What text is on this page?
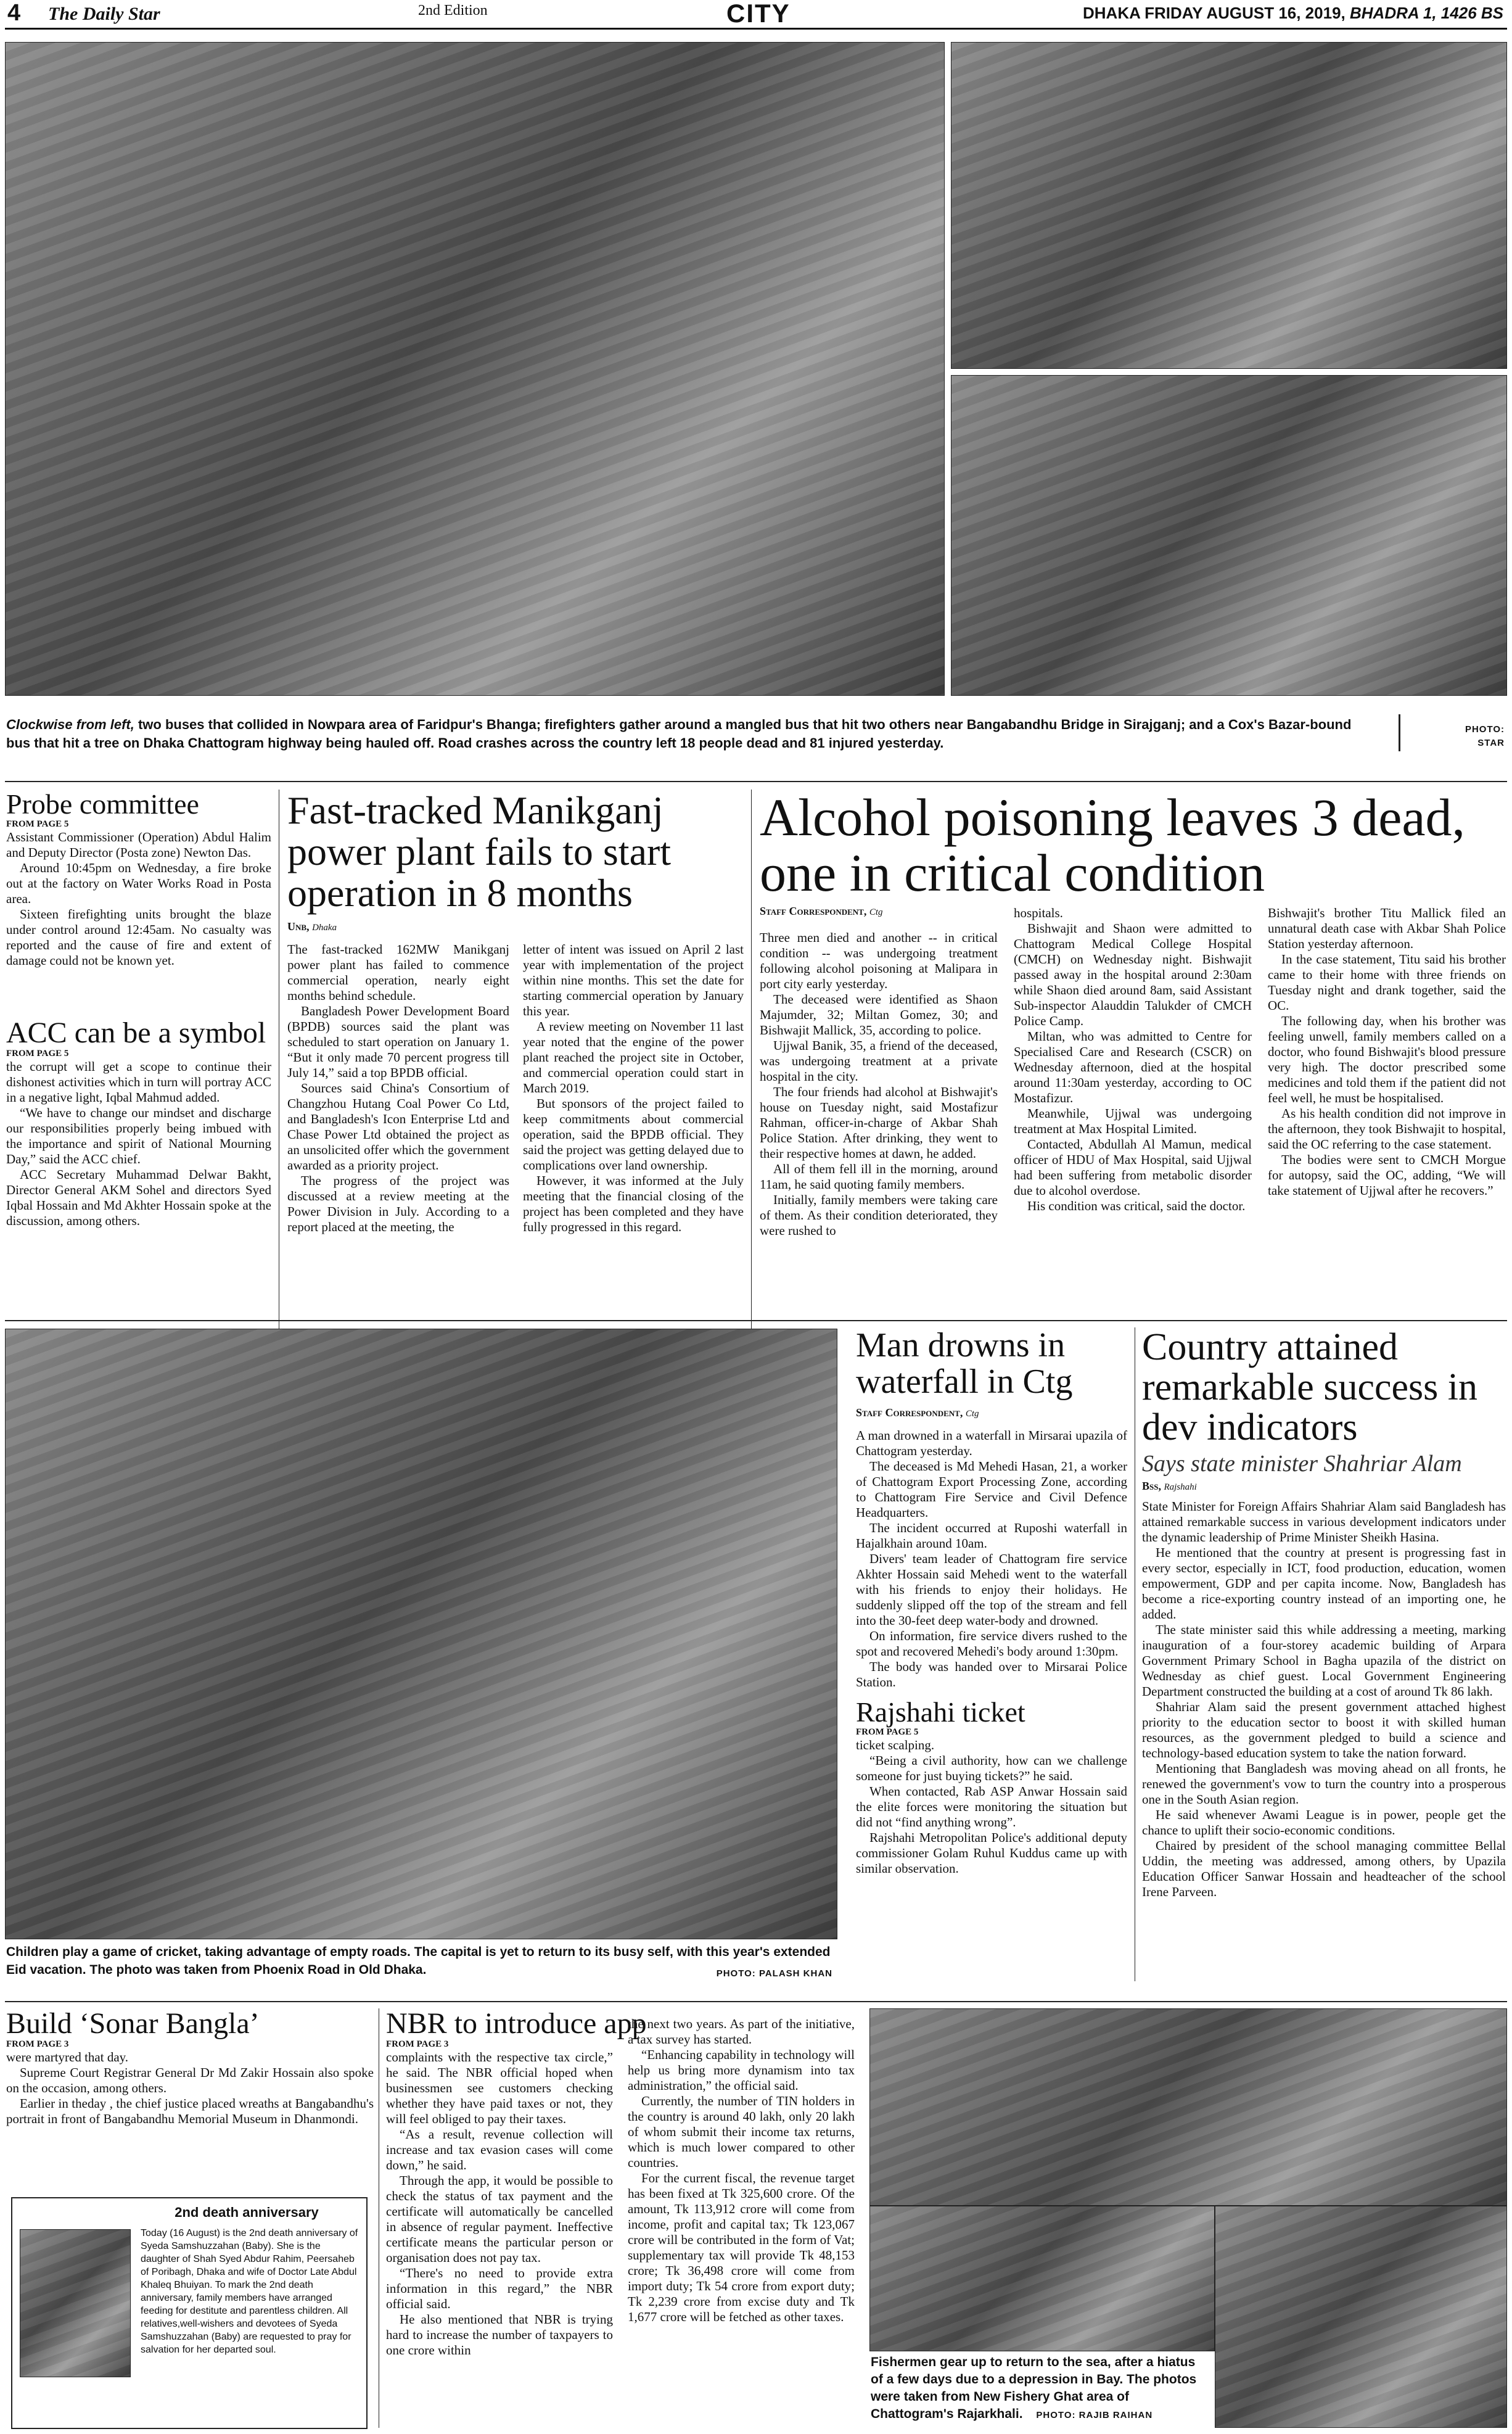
4 The Daily Star	2nd Edition	CITY	DHAKA FRIDAY AUGUST 16, 2019, BHADRA 1, 1426 BS
Clockwise from left, two buses that collided in Nowpara area of Faridpur's Bhanga; firefighters gather around a mangled bus that hit two others near Bangabandhu Bridge in Sirajganj; and a Cox's Bazar-bound bus that hit a tree on Dhaka Chattogram highway being hauled off. Road crashes across the country left 18 people dead and 81 injured yesterday.
PHOTO: STAR
Probe committee
FROM PAGE 5

Assistant Commissioner (Operation) Abdul Halim and Deputy Director (Posta zone) Newton Das.

Around 10:45pm on Wednesday, a fire broke out at the factory on Water Works Road in Posta area.

Sixteen firefighting units brought the blaze under control around 12:45am. No casualty was reported and the cause of fire and extent of damage could not be known yet.

ACC can be a symbol
FROM PAGE 5

the corrupt will get a scope to continue their dishonest activities which in turn will portray ACC in a negative light, Iqbal Mahmud added.

“We have to change our mindset and discharge our responsibilities properly being imbued with the importance and spirit of National Mourning Day,” said the ACC chief.

ACC Secretary Muhammad Delwar Bakht, Director General AKM Sohel and directors Syed Iqbal Hossain and Md Akhter Hossain spoke at the discussion, among others.

Fast-tracked Manikganj power plant fails to start operation in 8 months
Unb, Dhaka

The fast-tracked 162MW Manikganj power plant has failed to commence commercial operation, nearly eight months behind schedule.

Bangladesh Power Development Board (BPDB) sources said the plant was scheduled to start operation on January 1. “But it only made 70 percent progress till July 14,” said a top BPDB official.

Sources said China's Consortium of Changzhou Hutang Coal Power Co Ltd, and Bangladesh's Icon Enterprise Ltd and Chase Power Ltd obtained the project as an unsolicited offer which the government awarded as a priority project.

The progress of the project was discussed at a review meeting at the Power Division in July. According to a report placed at the meeting, the

letter of intent was issued on April 2 last year with implementation of the project within nine months. This set the date for starting commercial operation by January this year.

A review meeting on November 11 last year noted that the engine of the power plant reached the project site in October, and commercial operation could start in March 2019.

But sponsors of the project failed to keep commitments about commercial operation, said the BPDB official. They said the project was getting delayed due to complications over land ownership.

However, it was informed at the July meeting that the financial closing of the project has been completed and they have fully progressed in this regard.

Alcohol poisoning leaves 3 dead, one in critical condition
Staff Correspondent, Ctg

Three men died and another -- in critical condition -- was undergoing treatment following alcohol poisoning at Malipara in port city early yesterday.

The deceased were identified as Shaon Majumder, 32; Miltan Gomez, 30; and Bishwajit Mallick, 35, according to police.

Ujjwal Banik, 35, a friend of the deceased, was undergoing treatment at a private hospital in the city.

The four friends had alcohol at Bishwajit's house on Tuesday night, said Mostafizur Rahman, officer-in-charge of Akbar Shah Police Station. After drinking, they went to their respective homes at dawn, he added.

All of them fell ill in the morning, around 11am, he said quoting family members.

Initially, family members were taking care of them. As their condition deteriorated, they were rushed to

hospitals.

Bishwajit and Shaon were admitted to Chattogram Medical College Hospital (CMCH) on Wednesday night. Bishwajit passed away in the hospital around 2:30am while Shaon died around 8am, said Assistant Sub-inspector Alauddin Talukder of CMCH Police Camp.

Miltan, who was admitted to Centre for Specialised Care and Research (CSCR) on Wednesday afternoon, died at the hospital around 11:30am yesterday, according to OC Mostafizur.

Meanwhile, Ujjwal was undergoing treatment at Max Hospital Limited.

Contacted, Abdullah Al Mamun, medical officer of HDU of Max Hospital, said Ujjwal had been suffering from metabolic disorder due to alcohol overdose.

His condition was critical, said the doctor.

Bishwajit's brother Titu Mallick filed an unnatural death case with Akbar Shah Police Station yesterday afternoon.

In the case statement, Titu said his brother came to their home with three friends on Tuesday night and drank together, said the OC.

The following day, when his brother was feeling unwell, family members called on a doctor, who found Bishwajit's blood pressure very high. The doctor prescribed some medicines and told them if the patient did not feel well, he must be hospitalised.

As his health condition did not improve in the afternoon, they took Bishwajit to hospital, said the OC referring to the case statement.

The bodies were sent to CMCH Morgue for autopsy, said the OC, adding, “We will take statement of Ujjwal after he recovers.”

Children play a game of cricket, taking advantage of empty roads. The capital is yet to return to its busy self, with this year's extended Eid vacation. The photo was taken from Phoenix Road in Old Dhaka.	PHOTO: PALASH KHAN
Man drowns in waterfall in Ctg
Staff Correspondent, Ctg

A man drowned in a waterfall in Mirsarai upazila of Chattogram yesterday.

The deceased is Md Mehedi Hasan, 21, a worker of Chattogram Export Processing Zone, according to Chattogram Fire Service and Civil Defence Headquarters.

The incident occurred at Ruposhi waterfall in Hajalkhain around 10am.

Divers' team leader of Chattogram fire service Akhter Hossain said Mehedi went to the waterfall with his friends to enjoy their holidays. He suddenly slipped off the top of the stream and fell into the 30-feet deep water-body and drowned.

On information, fire service divers rushed to the spot and recovered Mehedi's body around 1:30pm.

The body was handed over to Mirsarai Police Station.

Rajshahi ticket
FROM PAGE 5

ticket scalping.

“Being a civil authority, how can we challenge someone for just buying tickets?” he said.

When contacted, Rab ASP Anwar Hossain said the elite forces were monitoring the situation but did not “find anything wrong”.

Rajshahi Metropolitan Police's additional deputy commissioner Golam Ruhul Kuddus came up with similar observation.

Country attained remarkable success in dev indicators
Says state minister Shahriar Alam
Bss, Rajshahi

State Minister for Foreign Affairs Shahriar Alam said Bangladesh has attained remarkable success in various development indicators under the dynamic leadership of Prime Minister Sheikh Hasina.

He mentioned that the country at present is progressing fast in every sector, especially in ICT, food production, education, women empowerment, GDP and per capita income. Now, Bangladesh has become a rice-exporting country instead of an importing one, he added.

The state minister said this while addressing a meeting, marking inauguration of a four-storey academic building of Arpara Government Primary School in Bagha upazila of the district on Wednesday as chief guest. Local Government Engineering Department constructed the building at a cost of around Tk 86 lakh.

Shahriar Alam said the present government attached highest priority to the education sector to boost it with skilled human resources, as the government pledged to build a science and technology-based education system to take the nation forward.

Mentioning that Bangladesh was moving ahead on all fronts, he renewed the government's vow to turn the country into a prosperous one in the South Asian region.

He said whenever Awami League is in power, people get the chance to uplift their socio-economic conditions.

Chaired by president of the school managing committee Bellal Uddin, the meeting was addressed, among others, by Upazila Education Officer Sanwar Hossain and headteacher of the school Irene Parveen.

Build ‘Sonar Bangla’
FROM PAGE 3

were martyred that day.

Supreme Court Registrar General Dr Md Zakir Hossain also spoke on the occasion, among others.

Earlier in theday , the chief justice placed wreaths at Bangabandhu's portrait in front of Bangabandhu Memorial Museum in Dhanmondi.

2nd death anniversary
Today (16 August) is the 2nd death anniversary of Syeda Samshuzzahan (Baby). She is the daughter of Shah Syed Abdur Rahim, Peersaheb of Poribagh, Dhaka and wife of Doctor Late Abdul Khaleq Bhuiyan. To mark the 2nd death anniversary, family members have arranged feeding for destitute and parentless children. All relatives,well-wishers and devotees of Syeda Samshuzzahan (Baby) are requested to pray for salvation for her departed soul.
NBR to introduce app
FROM PAGE 3

complaints with the respective tax circle,” he said. The NBR official hoped when businessmen see customers checking whether they have paid taxes or not, they will feel obliged to pay their taxes.

“As a result, revenue collection will increase and tax evasion cases will come down,” he said.

Through the app, it would be possible to check the status of tax payment and the certificate will automatically be cancelled in absence of regular payment. Ineffective certificate means the particular person or organisation does not pay tax.

“There's no need to provide extra information in this regard,” the NBR official said.

He also mentioned that NBR is trying hard to increase the number of taxpayers to one crore within

the next two years. As part of the initiative, a tax survey has started.

“Enhancing capability in technology will help us bring more dynamism into tax administration,” the official said.

Currently, the number of TIN holders in the country is around 40 lakh, only 20 lakh of whom submit their income tax returns, which is much lower compared to other countries.

For the current fiscal, the revenue target has been fixed at Tk 325,600 crore. Of the amount, Tk 113,912 crore will come from income, profit and capital tax; Tk 123,067 crore will be contributed in the form of Vat; supplementary tax will provide Tk 48,153 crore; Tk 36,498 crore will come from import duty; Tk 54 crore from export duty; Tk 2,239 crore from excise duty and Tk 1,677 crore will be fetched as other taxes.

Fishermen gear up to return to the sea, after a hiatus of a few days due to a depression in Bay. The photos were taken from New Fishery Ghat area of Chattogram's Rajarkhali. PHOTO: RAJIB RAIHAN
